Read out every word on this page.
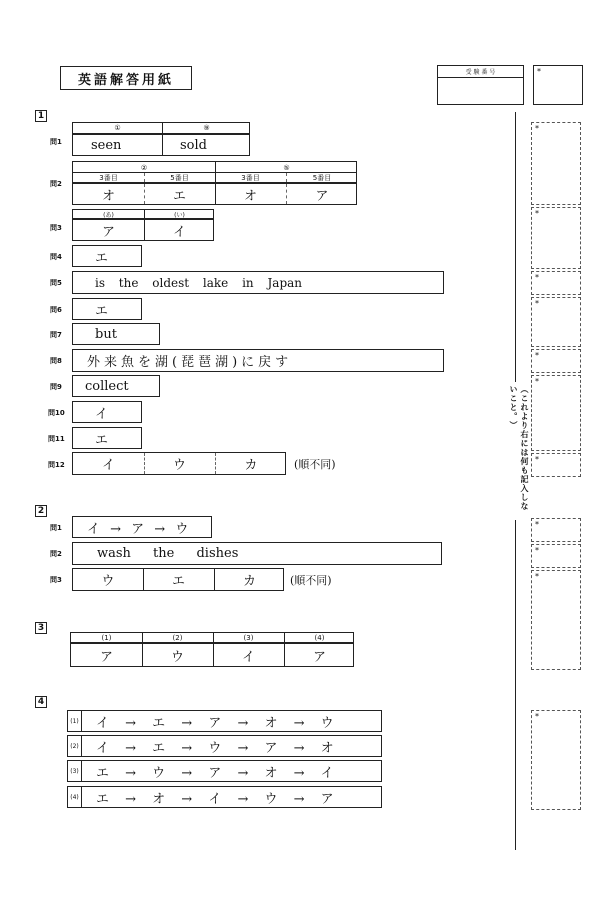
英語解答用紙	受 験 番 号	*
（これより右には何も記入しないこと。）
1
問1
①	⑨
seen	sold
問2
②	⑤
3番目	5番目	3番目	5番目
オ	エ	オ	ア
問3
(あ)	(い)
ア	イ
問4	エ
問5	is the oldest lake in Japan
問6	エ
問7	but
問8	外来魚を湖(琵琶湖)に戻す
問9	collect
問10	イ
問11	エ
問12	イ	ウ	カ	(順不同)
2
問1	イ → ア → ウ
問2	wash the dishes
問3	ウ	エ	カ	(順不同)
3
(1)	(2)	(3)	(4)
ア	ウ	イ	ア
4
(1)	イ → エ → ア → オ → ウ
(2)	イ → エ → ウ → ア → オ
(3)	エ → ウ → ア → オ → イ
(4)	エ → オ → イ → ウ → ア
*
*
*
*
*
*
*
*
*
*
*
